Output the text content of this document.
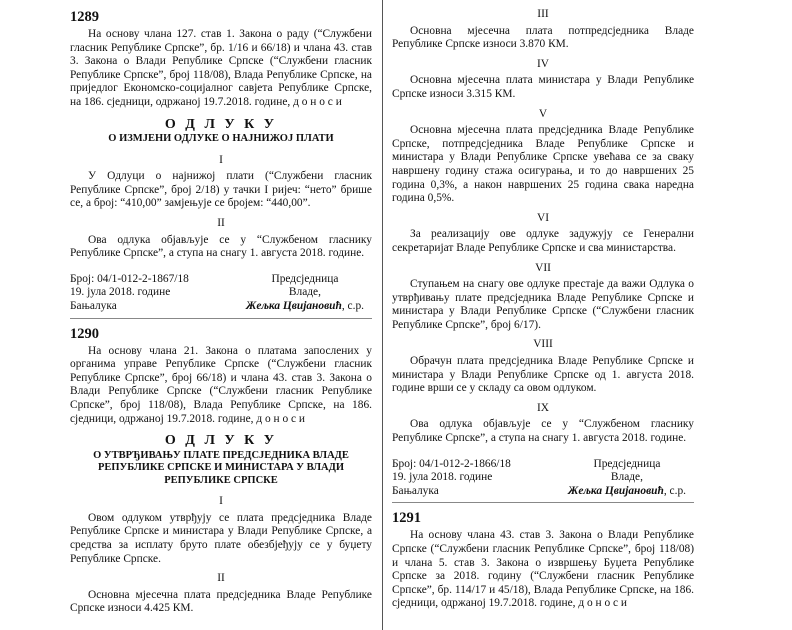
1289

На основу члана 127. став 1. Закона о раду (“Службени гласник Републике Српске”, бр. 1/16 и 66/18) и члана 43. став 3. Закона о Влади Републике Српске (“Службени гласник Републике Српске”, број 118/08), Влада Републике Српске, на приједлог Економско-социјалног савјета Републике Српске, на 186. сједници, одржаној 19.7.2018. године, д о н о с и

О Д Л У К У
О ИЗМЈЕНИ ОДЛУКЕ О НАЈНИЖОЈ ПЛАТИ
I

У Одлуци о најнижој плати (“Службени гласник Републике Српске”, број 2/18) у тачки I ријеч: “нето” брише се, а број: “410,00” замјењује се бројем: “440,00”.

II

Ова одлука објављује се у “Службеном гласнику Републике Српске”, а ступа на снагу 1. августа 2018. године.

Број: 04/1-012-2-1867/18
19. јула 2018. године
Бањалука
Предсједница
Владе,
Жељка Цвијановић, с.р.
1290

На основу члана 21. Закона о платама запослених у органима управе Републике Српске (“Службени гласник Републике Српске”, број 66/18) и члана 43. став 3. Закона о Влади Републике Српске (“Службени гласник Републике Српске”, број 118/08), Влада Републике Српске, на 186. сједници, одржаној 19.7.2018. године, д о н о с и

О Д Л У К У
О УТВРЂИВАЊУ ПЛАТЕ ПРЕДСЈЕДНИКА ВЛАДЕ РЕПУБЛИКЕ СРПСКЕ И МИНИСТАРА У ВЛАДИ РЕПУБЛИКЕ СРПСКЕ
I

Овом одлуком утврђују се плата предсједника Владе Републике Српске и министара у Влади Републике Српске, а средства за исплату бруто плате обезбјеђују се у буџету Републике Српске.

II

Основна мјесечна плата предсједника Владе Републике Српске износи 4.425 КМ.

III

Основна мјесечна плата потпредсједника Владе Републике Српске износи 3.870 КМ.

IV

Основна мјесечна плата министара у Влади Републике Српске износи 3.315 КМ.

V

Основна мјесечна плата предсједника Владе Републике Српске, потпредсједника Владе Републике Српске и министара у Влади Републике Српске увећава се за сваку навршену годину стажа осигурања, и то до навршених 25 година 0,3%, а након навршених 25 година свака наредна година 0,5%.

VI

За реализацију ове одлуке задужују се Генерални секретаријат Владе Републике Српске и сва министарства.

VII

Ступањем на снагу ове одлуке престаје да важи Одлука о утврђивању плате предсједника Владе Републике Српске и министара у Влади Републике Српске (“Службени гласник Републике Српске”, број 6/17).

VIII

Обрачун плата предсједника Владе Републике Српске и министара у Влади Републике Српске од 1. августа 2018. године врши се у складу са овом одлуком.

IX

Ова одлука објављује се у “Службеном гласнику Републике Српске”, а ступа на снагу 1. августа 2018. године.

Број: 04/1-012-2-1866/18
19. јула 2018. године
Бањалука
Предсједница
Владе,
Жељка Цвијановић, с.р.
1291

На основу члана 43. став 3. Закона о Влади Републике Српске (“Службени гласник Републике Српске”, број 118/08) и члана 5. став 3. Закона о извршењу Буџета Републике Српске за 2018. годину (“Службени гласник Републике Српске”, бр. 114/17 и 45/18), Влада Републике Српске, на 186. сједници, одржаној 19.7.2018. године, д о н о с и
